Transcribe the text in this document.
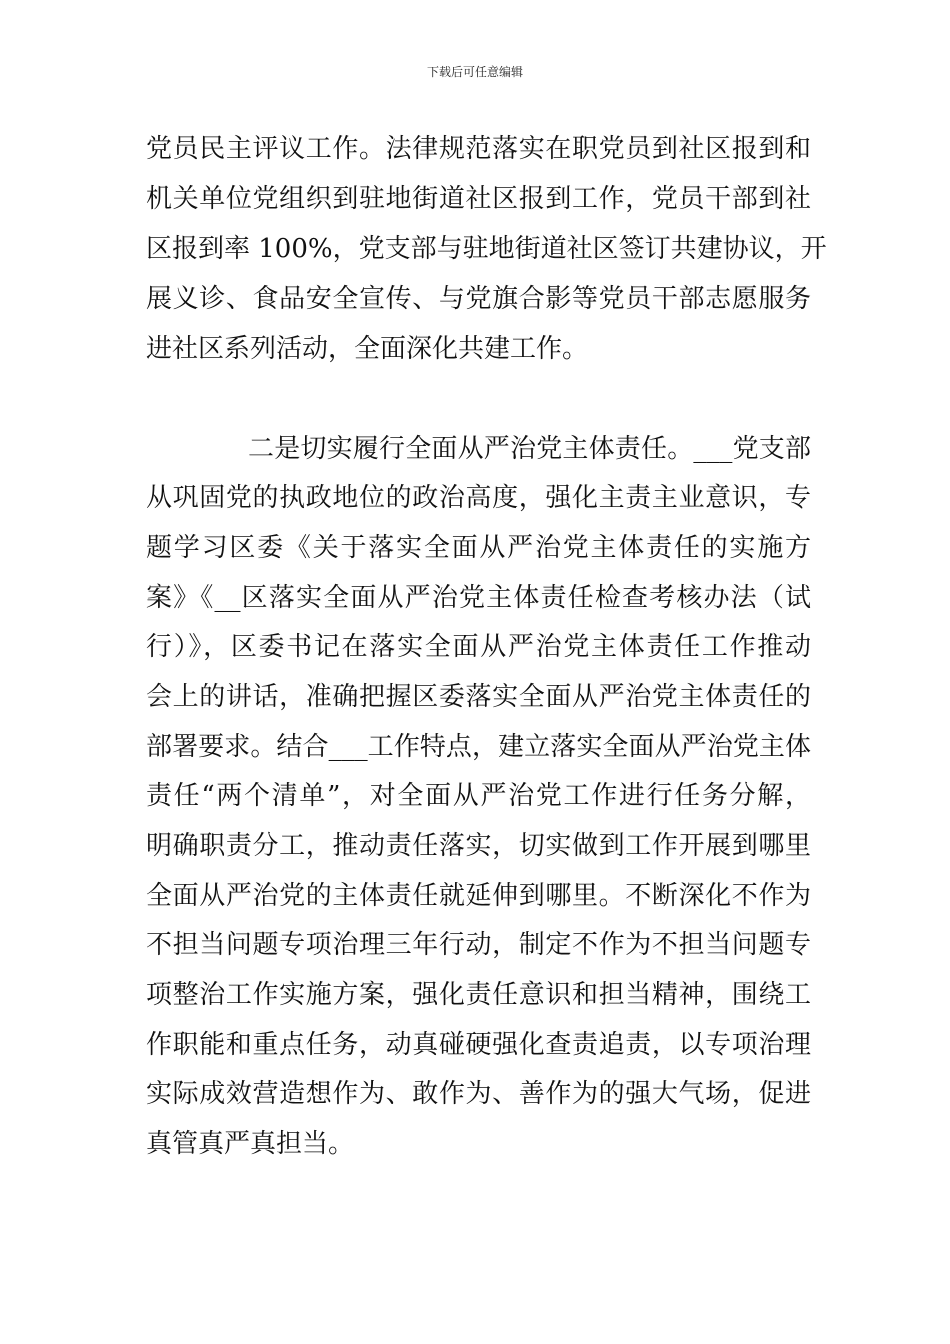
下载后可任意编辑
党员民主评议工作。法律规范落实在职党员到社区报到和
机关单位党组织到驻地街道社区报到工作，党员干部到社
区报到率 100%，党支部与驻地街道社区签订共建协议，开
展义诊、食品安全宣传、与党旗合影等党员干部志愿服务
进社区系列活动，全面深化共建工作。
二是切实履行全面从严治党主体责任。___党支部
从巩固党的执政地位的政治高度，强化主责主业意识，专
题学习区委《关于落实全面从严治党主体责任的实施方
案》《__区落实全面从严治党主体责任检查考核办法（试
行）》，区委书记在落实全面从严治党主体责任工作推动
会上的讲话，准确把握区委落实全面从严治党主体责任的
部署要求。结合___工作特点，建立落实全面从严治党主体
责任“两个清单”，对全面从严治党工作进行任务分解，
明确职责分工，推动责任落实，切实做到工作开展到哪里
全面从严治党的主体责任就延伸到哪里。不断深化不作为
不担当问题专项治理三年行动，制定不作为不担当问题专
项整治工作实施方案，强化责任意识和担当精神，围绕工
作职能和重点任务，动真碰硬强化查责追责，以专项治理
实际成效营造想作为、敢作为、善作为的强大气场，促进
真管真严真担当。
